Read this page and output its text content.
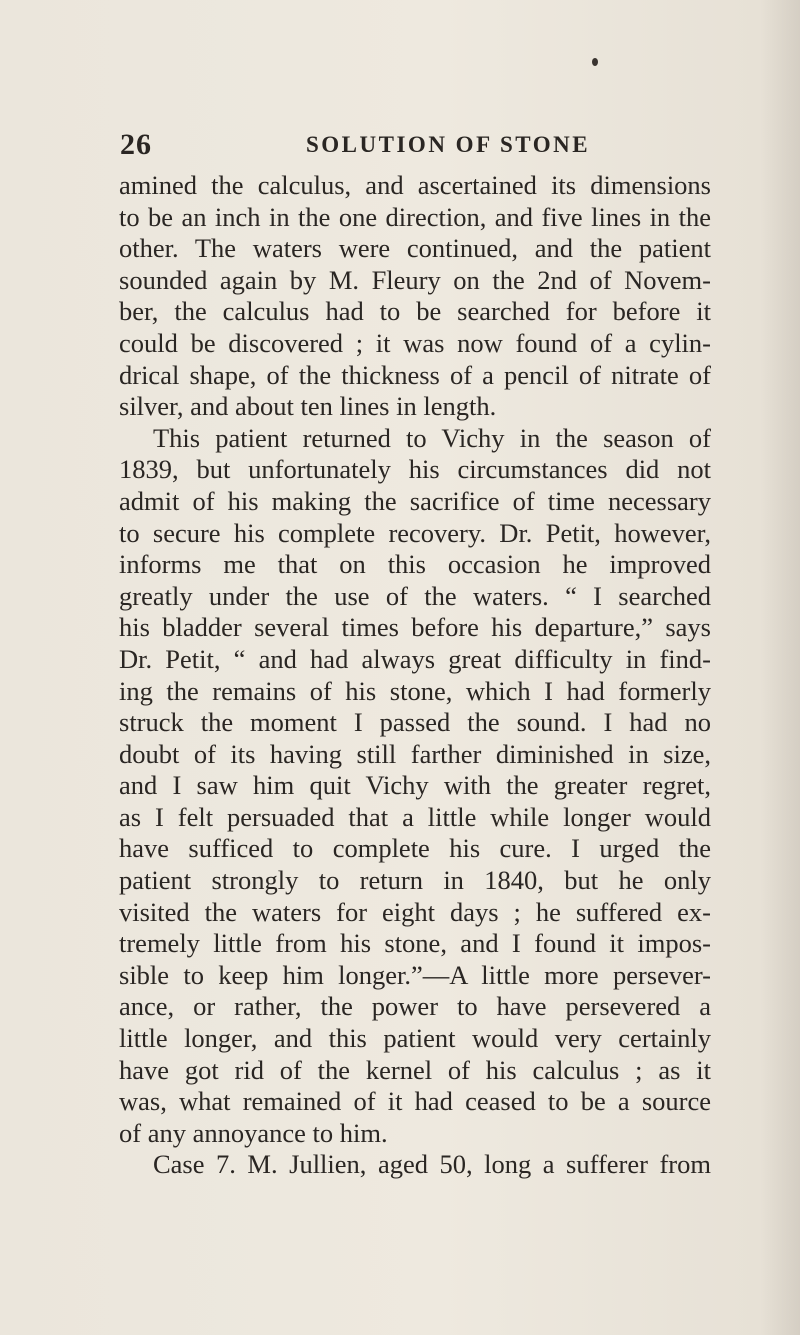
26	SOLUTION OF STONE
amined the calculus, and ascertained its dimensions
to be an inch in the one direction, and five lines in the
other. The waters were continued, and the patient
sounded again by M. Fleury on the 2nd of Novem-
ber, the calculus had to be searched for before it
could be discovered ; it was now found of a cylin-
drical shape, of the thickness of a pencil of nitrate of
silver, and about ten lines in length.
This patient returned to Vichy in the season of
1839, but unfortunately his circumstances did not
admit of his making the sacrifice of time necessary
to secure his complete recovery. Dr. Petit, however,
informs me that on this occasion he improved
greatly under the use of the waters. “ I searched
his bladder several times before his departure,” says
Dr. Petit, “ and had always great difficulty in find-
ing the remains of his stone, which I had formerly
struck the moment I passed the sound. I had no
doubt of its having still farther diminished in size,
and I saw him quit Vichy with the greater regret,
as I felt persuaded that a little while longer would
have sufficed to complete his cure. I urged the
patient strongly to return in 1840, but he only
visited the waters for eight days ; he suffered ex-
tremely little from his stone, and I found it impos-
sible to keep him longer.”—A little more persever-
ance, or rather, the power to have persevered a
little longer, and this patient would very certainly
have got rid of the kernel of his calculus ; as it
was, what remained of it had ceased to be a source
of any annoyance to him.
Case 7. M. Jullien, aged 50, long a sufferer from
